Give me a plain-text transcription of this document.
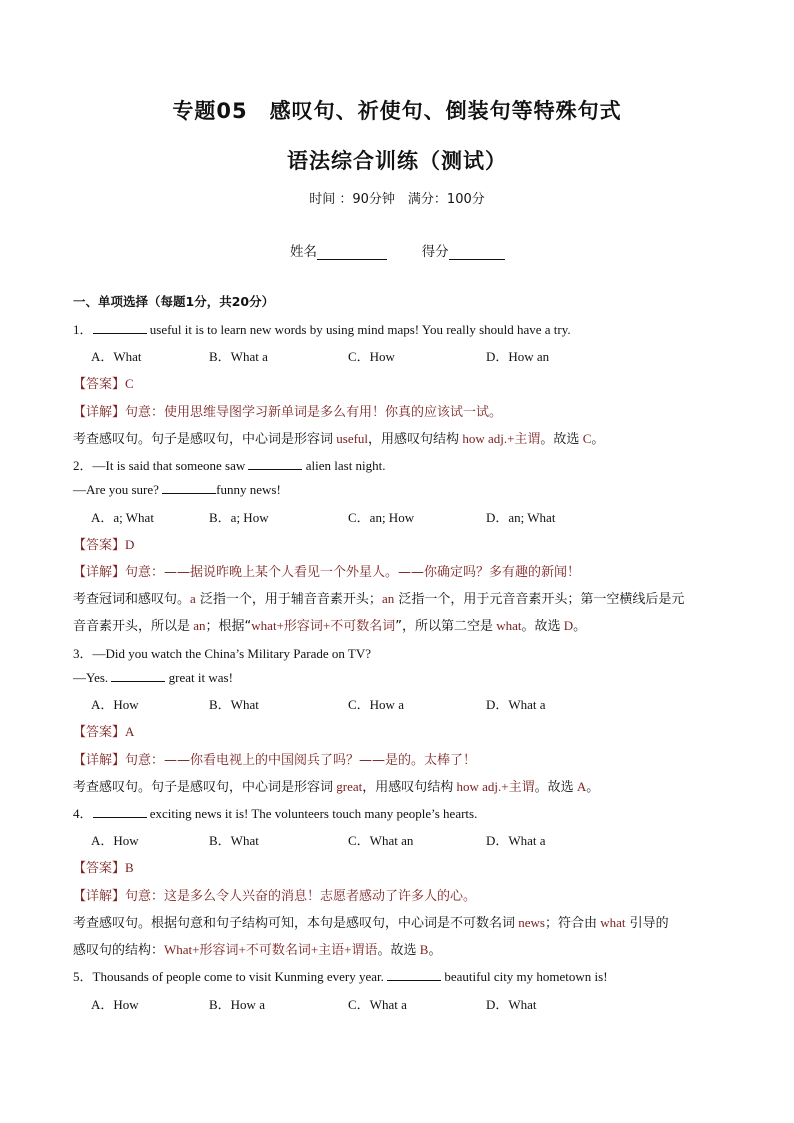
专题05　感叹句、祈使句、倒装句等特殊句式
语法综合训练（测试）
时间 ：90分钟　满分：100分
姓名	得分
一、单项选择（每题1分，共20分）
1．	useful it is to learn new words by using mind maps! You really should have a try.
A．What	B．What a	C．How	D．How an
【答案】C
【详解】句意：使用思维导图学习新单词是多么有用！你真的应该试一试。
考查感叹句。句子是感叹句，中心词是形容词 useful，用感叹句结构 how adj.+主谓。故选 C。
2．—It is said that someone saw	alien last night.
—Are you sure?	funny news!
A．a; What	B．a; How	C．an; How	D．an; What
【答案】D
【详解】句意：——据说昨晚上某个人看见一个外星人。——你确定吗？多有趣的新闻！
考查冠词和感叹句。a 泛指一个，用于辅音音素开头；an 泛指一个，用于元音音素开头；第一空横线后是元
音音素开头，所以是 an；根据“what+形容词+不可数名词”，所以第二空是 what。故选 D。
3．—Did you watch the China’s Military Parade on TV?
—Yes.	great it was!
A．How	B．What	C．How a	D．What a
【答案】A
【详解】句意：——你看电视上的中国阅兵了吗？——是的。太棒了！
考查感叹句。句子是感叹句，中心词是形容词 great，用感叹句结构 how adj.+主谓。故选 A。
4．	exciting news it is! The volunteers touch many people’s hearts.
A．How	B．What	C．What an	D．What a
【答案】B
【详解】句意：这是多么令人兴奋的消息！志愿者感动了许多人的心。
考查感叹句。根据句意和句子结构可知，本句是感叹句，中心词是不可数名词 news；符合由 what 引导的
感叹句的结构：What+形容词+不可数名词+主语+谓语。故选 B。
5．Thousands of people come to visit Kunming every year.	beautiful city my hometown is!
A．How	B．How a	C．What a	D．What
